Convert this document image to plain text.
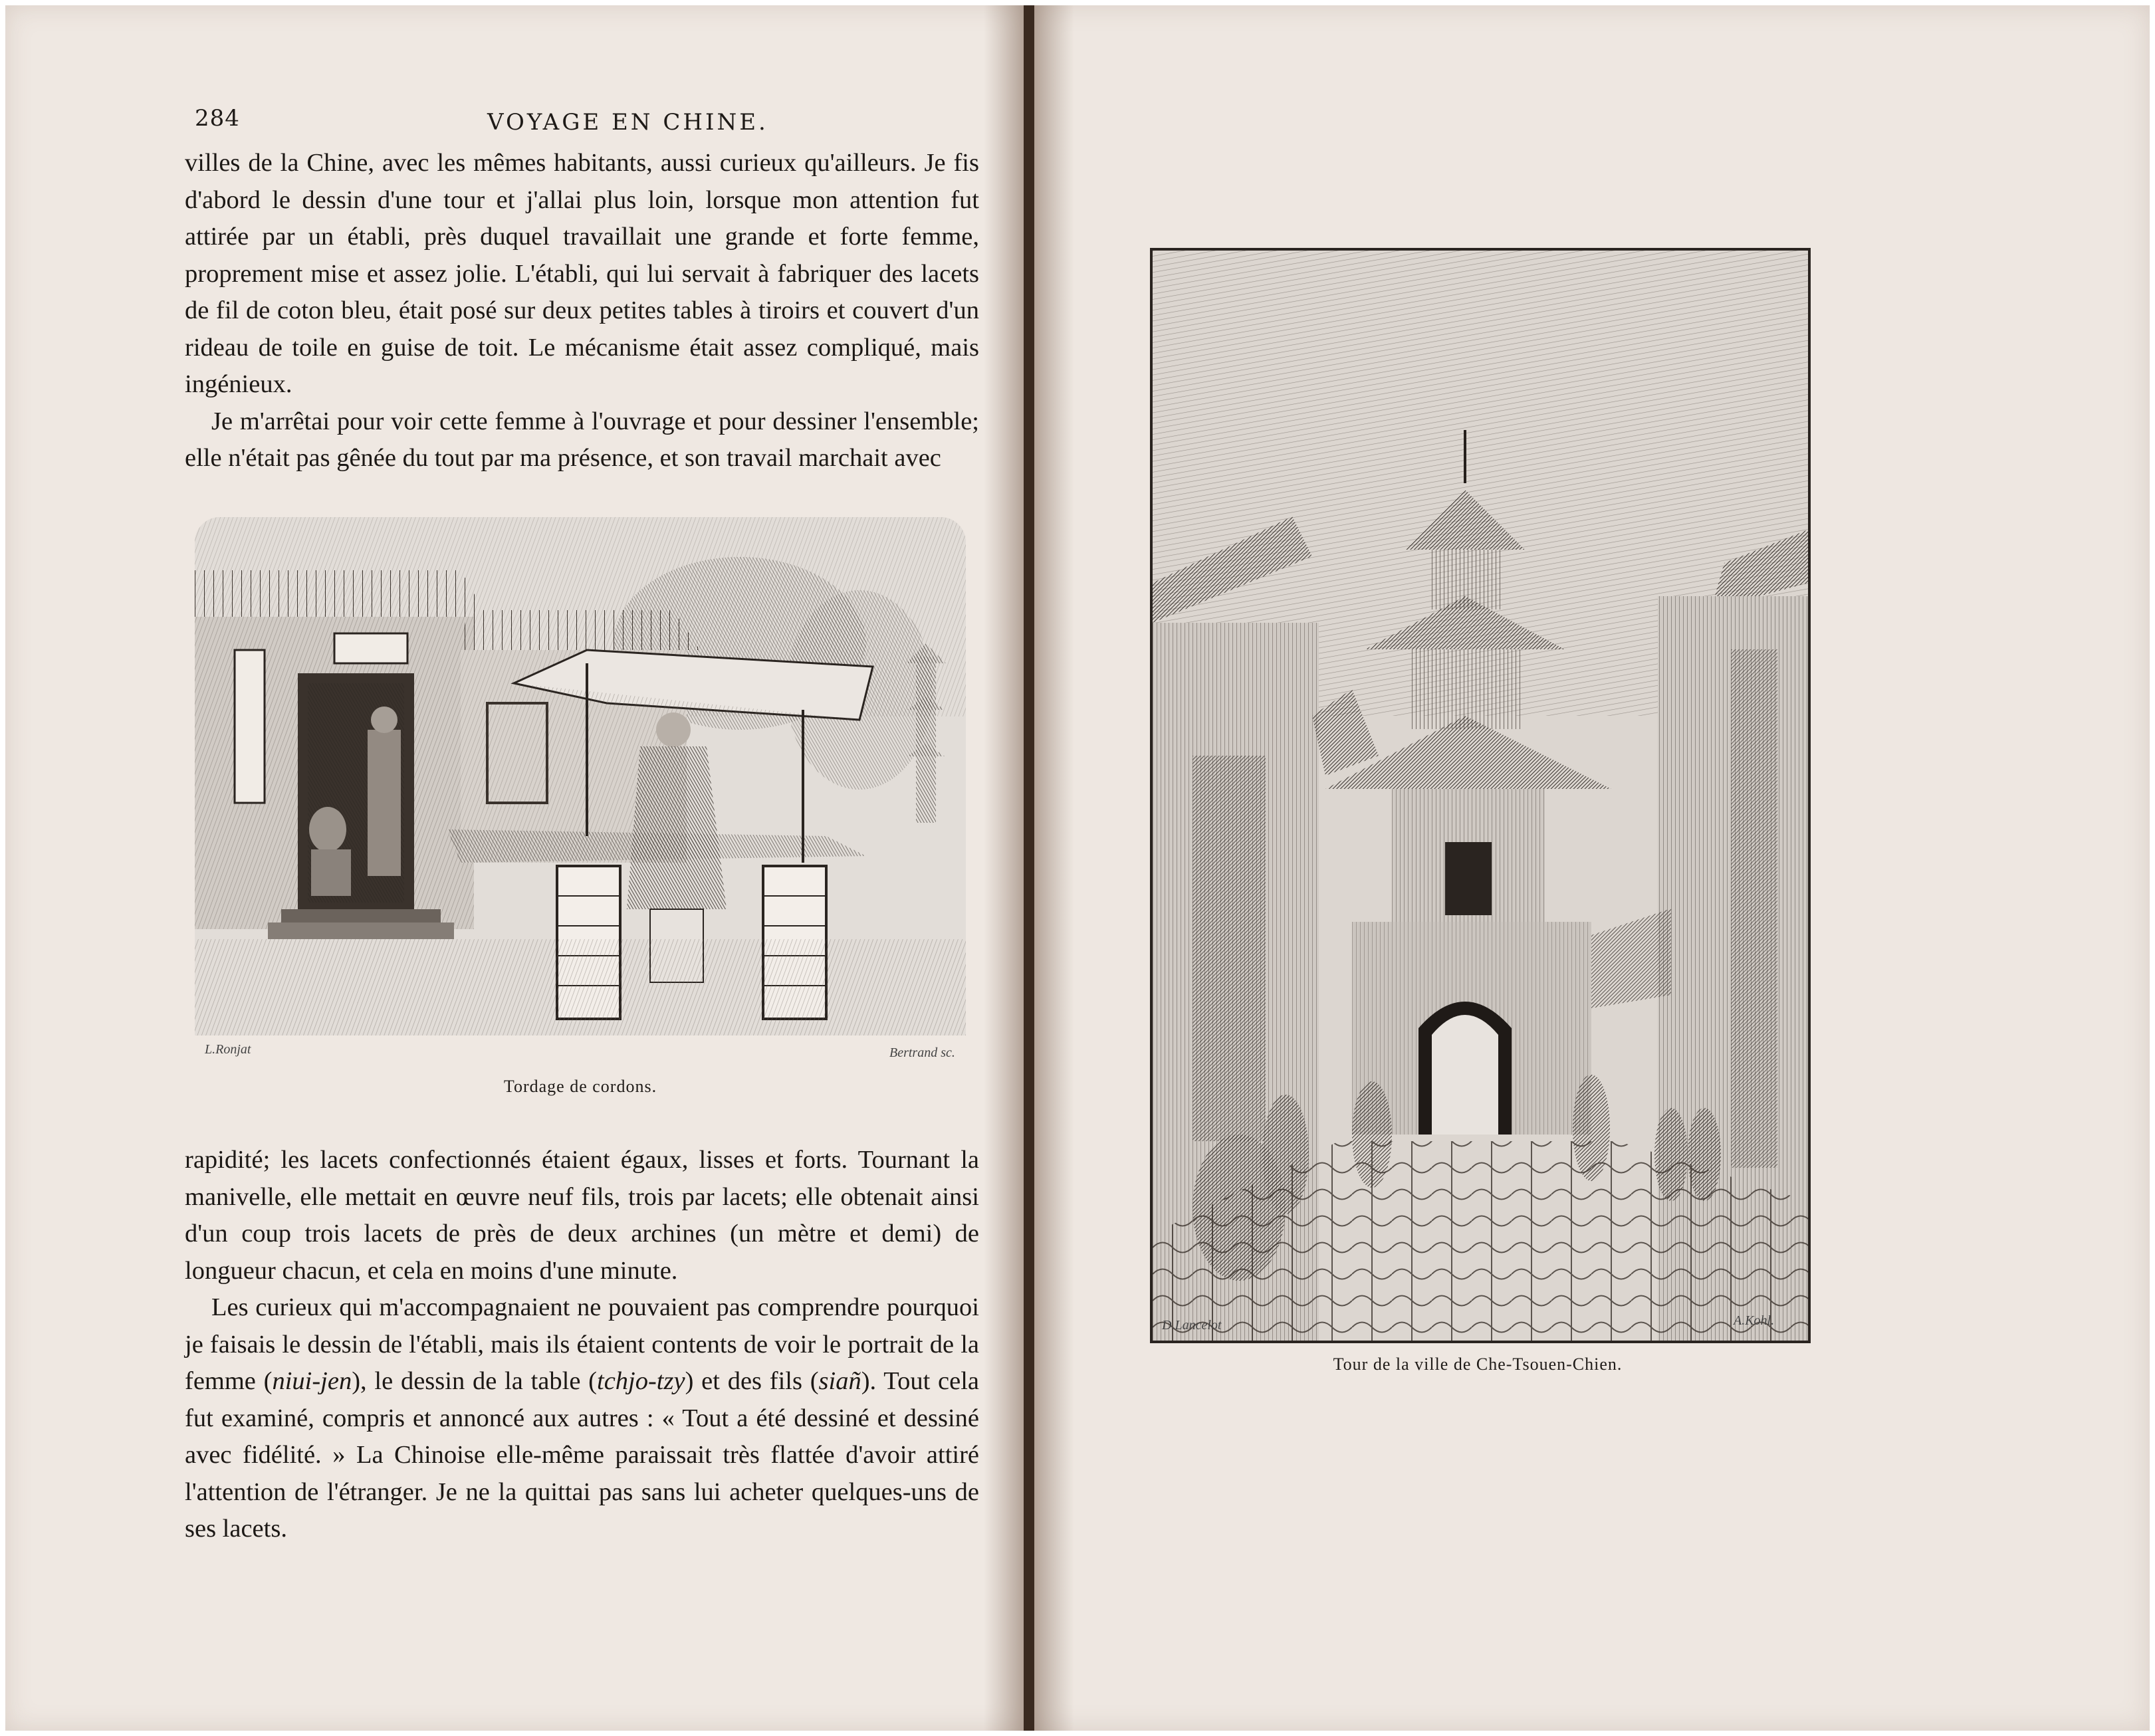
284	VOYAGE EN CHINE.

villes de la Chine, avec les mêmes habitants, aussi curieux qu'ailleurs. Je fis d'abord le dessin d'une tour et j'allai plus loin, lorsque mon attention fut attirée par un établi, près duquel travaillait une grande et forte femme, proprement mise et assez jolie. L'établi, qui lui servait à fabriquer des lacets de fil de coton bleu, était posé sur deux petites tables à tiroirs et couvert d'un rideau de toile en guise de toit. Le mécanisme était assez compliqué, mais ingénieux.

Je m'arrêtai pour voir cette femme à l'ouvrage et pour dessiner l'ensemble; elle n'était pas gênée du tout par ma présence, et son travail marchait avec

L.Ronjat	Bertrand sc.
Tordage de cordons.

rapidité; les lacets confectionnés étaient égaux, lisses et forts. Tournant la manivelle, elle mettait en œuvre neuf fils, trois par lacets; elle obtenait ainsi d'un coup trois lacets de près de deux archines (un mètre et demi) de longueur chacun, et cela en moins d'une minute.

Les curieux qui m'accompagnaient ne pouvaient pas comprendre pourquoi je faisais le dessin de l'établi, mais ils étaient contents de voir le portrait de la femme (niui-jen), le dessin de la table (tchjo-tzy) et des fils (siañ). Tout cela fut examiné, compris et annoncé aux autres : « Tout a été dessiné et dessiné avec fidélité. » La Chinoise elle-même paraissait très flattée d'avoir attiré l'attention de l'étranger. Je ne la quittai pas sans lui acheter quelques-uns de ses lacets.

D.Lancelot	A.Kohl.
Tour de la ville de Che-Tsouen-Chien.
